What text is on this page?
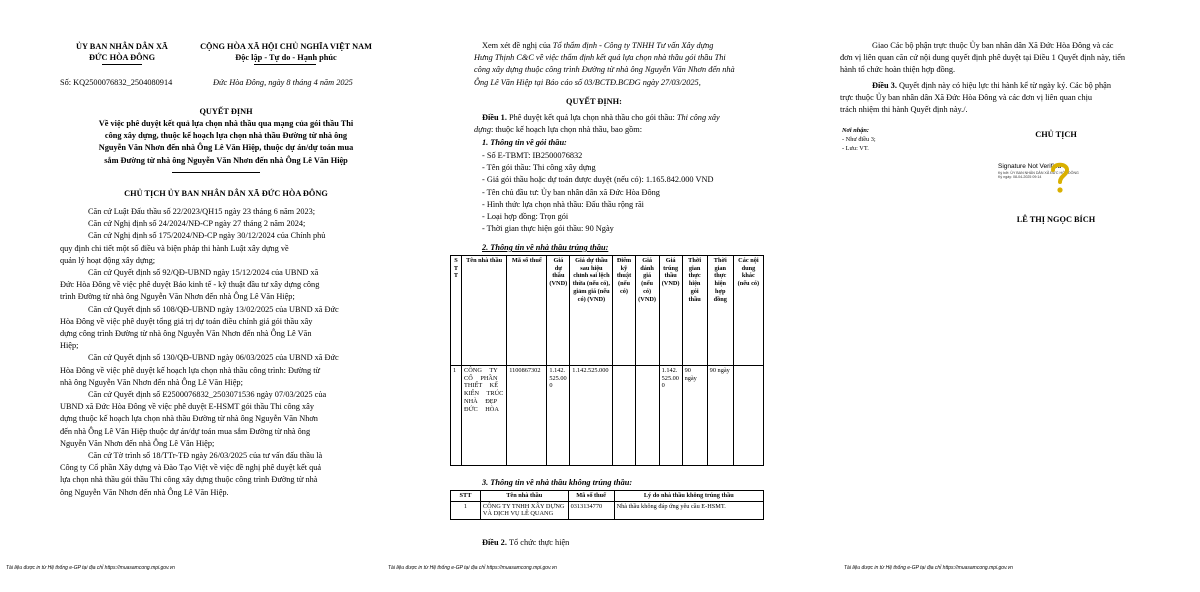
ỦY BAN NHÂN DÂN XÃ
ĐỨC HÒA ĐÔNG
CỘNG HÒA XÃ HỘI CHỦ NGHĨA VIỆT NAM
Độc lập - Tự do - Hạnh phúc
Số: KQ2500076832_2504080914	Đức Hòa Đông, ngày 8 tháng 4 năm 2025
QUYẾT ĐỊNH
Về việc phê duyệt kết quả lựa chọn nhà thầu qua mạng của gói thầu Thi
công xây dựng, thuộc kế hoạch lựa chọn nhà thầu Đường từ nhà ông
Nguyễn Văn Nhơn đến nhà Ông Lê Văn Hiệp, thuộc dự án/dự toán mua
sắm Đường từ nhà ông Nguyễn Văn Nhơn đến nhà Ông Lê Văn Hiệp
CHỦ TỊCH ỦY BAN NHÂN DÂN XÃ ĐỨC HÒA ĐÔNG
Căn cứ Luật Đấu thầu số 22/2023/QH15 ngày 23 tháng 6 năm 2023;
Căn cứ Nghị định số 24/2024/NĐ-CP ngày 27 tháng 2 năm 2024;
Căn cứ Nghị định số 175/2024/NĐ-CP ngày 30/12/2024 của Chính phủ
quy định chi tiết một số điều và biện pháp thi hành Luật xây dựng về
quản lý hoạt động xây dựng;
Căn cứ Quyết định số 92/QĐ-UBND ngày 15/12/2024 của UBND xã
Đức Hòa Đông về việc phê duyệt Báo kinh tế - kỹ thuật đầu tư xây dựng công
trình Đường từ nhà ông Nguyễn Văn Nhơn đến nhà Ông Lê Văn Hiệp;
Căn cứ Quyết định số 108/QĐ-UBND ngày 13/02/2025 của UBND xã Đức
Hòa Đông về việc phê duyệt tổng giá trị dự toán điều chỉnh giá gói thầu xây
dựng công trình Đường từ nhà ông Nguyễn Văn Nhơn đến nhà Ông Lê Văn
Hiệp;
Căn cứ Quyết định số 130/QĐ-UBND ngày 06/03/2025 của UBND xã Đức
Hòa Đông về việc phê duyệt kế hoạch lựa chọn nhà thầu công trình: Đường từ
nhà ông Nguyễn Văn Nhơn đến nhà Ông Lê Văn Hiệp;
Căn cứ Quyết định số E2500076832_2503071536 ngày 07/03/2025 của
UBND xã Đức Hòa Đông về việc phê duyệt E-HSMT gói thầu Thi công xây
dựng thuộc kế hoạch lựa chọn nhà thầu Đường từ nhà ông Nguyễn Văn Nhơn
đến nhà Ông Lê Văn Hiệp thuộc dự án/dự toán mua sắm Đường từ nhà ông
Nguyễn Văn Nhơn đến nhà Ông Lê Văn Hiệp;
Căn cứ Tờ trình số 18/TTr-TĐ ngày 26/03/2025 của tư vấn đấu thầu là
Công ty Cổ phần Xây dựng và Đào Tạo Việt về việc đề nghị phê duyệt kết quả
lựa chọn nhà thầu gói thầu Thi công xây dựng thuộc công trình Đường từ nhà
ông Nguyễn Văn Nhơn đến nhà Ông Lê Văn Hiệp.
Tài liệu được in từ Hệ thống e-GP tại địa chỉ https://muasamcong.mpi.gov.vn
Xem xét đề nghị của Tổ thẩm định - Công ty TNHH Tư vấn Xây dựng
Hưng Thịnh C&C về việc thẩm định kết quả lựa chọn nhà thầu gói thầu Thi
công xây dựng thuộc công trình Đường từ nhà ông Nguyễn Văn Nhơn đến nhà
Ông Lê Văn Hiệp tại Báo cáo số 03/BCTĐ.BCĐG ngày 27/03/2025,
QUYẾT ĐỊNH:
Điều 1. Phê duyệt kết quả lựa chọn nhà thầu cho gói thầu: Thi công xây
dựng: thuộc kế hoạch lựa chọn nhà thầu, bao gồm:
1. Thông tin về gói thầu:
- Số E-TBMT: IB2500076832
- Tên gói thầu: Thi công xây dựng
- Giá gói thầu hoặc dự toán được duyệt (nếu có): 1.165.842.000 VND
- Tên chủ đầu tư: Ủy ban nhân dân xã Đức Hòa Đông
- Hình thức lựa chọn nhà thầu: Đấu thầu rộng rãi
- Loại hợp đồng: Trọn gói
- Thời gian thực hiện gói thầu: 90 Ngày
2. Thông tin về nhà thầu trúng thầu:
STT	Tên nhà thầu	Mã số thuế	Giá dự thầu (VND)	Giá dự thầu sau hiệu chỉnh sai lệch thừa (nếu có), giảm giá (nếu có) (VND)	Điểm kỹ thuật (nếu có)	Giá đánh giá (nếu có) (VND)	Giá trúng thầu (VND)	Thời gian thực hiện gói thầu	Thời gian thực hiện hợp đồng	Các nội dung khác (nếu có)
1	CÔNG TY CỔ PHẦN THIẾT KẾ KIẾN TRÚC NHÀ ĐẸP ĐỨC HÒA	1100867302	1.142.525.000	1.142.525.000			1.142.525.000	90 ngày	90 ngày	
3. Thông tin về nhà thầu không trúng thầu:
STT	Tên nhà thầu	Mã số thuế	Lý do nhà thầu không trúng thầu
1	CÔNG TY TNHH XÂY DỰNG VÀ DỊCH VỤ LÊ QUANG	0313134770	Nhà thầu không đáp ứng yêu cầu E-HSMT.
Điều 2. Tổ chức thực hiện
Tài liệu được in từ Hệ thống e-GP tại địa chỉ https://muasamcong.mpi.gov.vn
Giao Các bộ phận trực thuộc Ủy ban nhân dân Xã Đức Hòa Đông và các
đơn vị liên quan căn cứ nội dung quyết định phê duyệt tại Điều 1 Quyết định này, tiến
hành tổ chức hoàn thiện hợp đồng.
Điều 3. Quyết định này có hiệu lực thi hành kể từ ngày ký. Các bộ phận
trực thuộc Ủy ban nhân dân Xã Đức Hòa Đông và các đơn vị liên quan chịu
trách nhiệm thi hành Quyết định này./.
Nơi nhận:
- Như điều 3;
- Lưu: VT.
CHỦ TỊCH
Signature Not Verified
Ký bởi: ỦY BAN NHÂN DÂN XÃ ĐỨC HÒA ĐÔNG
Ký ngày: 08-04-2025 09:14
LÊ THỊ NGỌC BÍCH
Tài liệu được in từ Hệ thống e-GP tại địa chỉ https://muasamcong.mpi.gov.vn
